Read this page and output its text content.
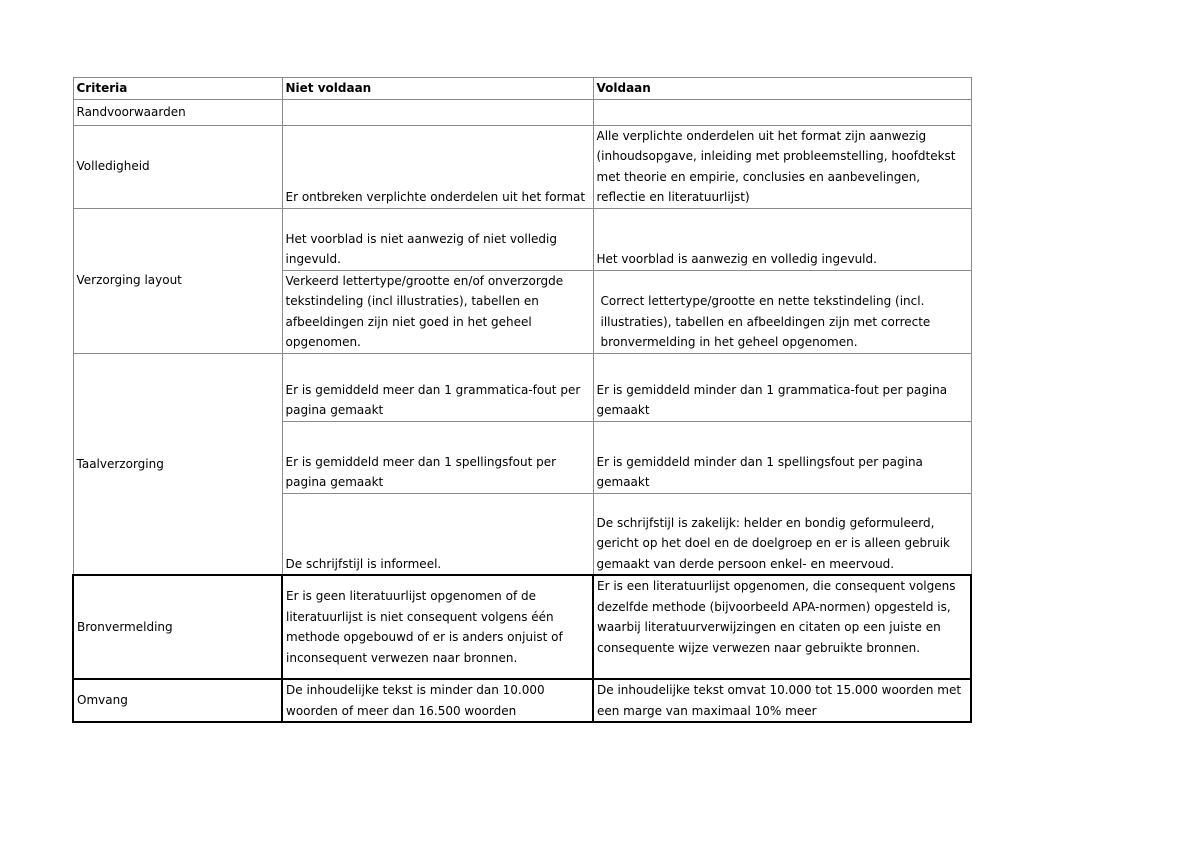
Criteria	Niet voldaan	Voldaan
Randvoorwaarden		
Volledigheid	Er ontbreken verplichte onderdelen uit het format	Alle verplichte onderdelen uit het format zijn aanwezig (inhoudsopgave, inleiding met probleemstelling, hoofdtekst met theorie en empirie, conclusies en aanbevelingen, reflectie en literatuurlijst)
Verzorging layout	Het voorblad is niet aanwezig of niet volledig ingevuld.	Het voorblad is aanwezig en volledig ingevuld.
	Verkeerd lettertype/grootte en/of onverzorgde tekstindeling (incl illustraties), tabellen en afbeeldingen zijn niet goed in het geheel opgenomen.	Correct lettertype/grootte en nette tekstindeling (incl. illustraties), tabellen en afbeeldingen zijn met correcte bronvermelding in het geheel opgenomen.
Taalverzorging	Er is gemiddeld meer dan 1 grammatica-fout per pagina gemaakt	Er is gemiddeld minder dan 1 grammatica-fout per pagina gemaakt
	Er is gemiddeld meer dan 1 spellingsfout per pagina gemaakt	Er is gemiddeld minder dan 1 spellingsfout per pagina gemaakt
	De schrijfstijl is informeel.	De schrijfstijl is zakelijk: helder en bondig geformuleerd, gericht op het doel en de doelgroep en er is alleen gebruik gemaakt van derde persoon enkel- en meervoud.
Bronvermelding	Er is geen literatuurlijst opgenomen of de literatuurlijst is niet consequent volgens één methode opgebouwd of er is anders onjuist of inconsequent verwezen naar bronnen.	Er is een literatuurlijst opgenomen, die consequent volgens dezelfde methode (bijvoorbeeld APA-normen) opgesteld is, waarbij literatuurverwijzingen en citaten op een juiste en consequente wijze verwezen naar gebruikte bronnen.
Omvang	De inhoudelijke tekst is minder dan 10.000 woorden of meer dan 16.500 woorden	De inhoudelijke tekst omvat 10.000 tot 15.000 woorden met een marge van maximaal 10% meer
